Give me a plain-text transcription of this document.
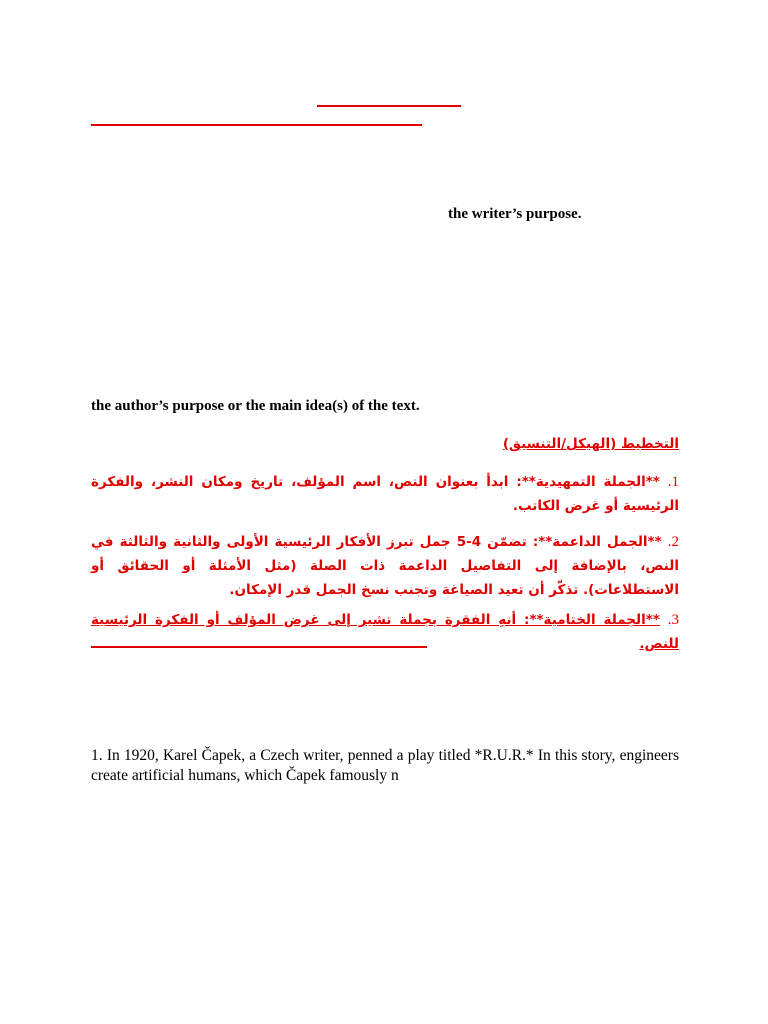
the writer’s purpose.
the author’s purpose or the main idea(s) of the text.
التخطيط (الهيكل/التنسيق)
1. **الجملة التمهيدية**: ابدأ بعنوان النص، اسم المؤلف، تاريخ ومكان النشر، والفكرة الرئيسية أو غرض الكاتب.
2. **الجمل الداعمة**: تضمّن 4-5 جمل تبرز الأفكار الرئيسية الأولى والثانية والثالثة في النص، بالإضافة إلى التفاصيل الداعمة ذات الصلة (مثل الأمثلة أو الحقائق أو الاستطلاعات). تذكّر أن تعيد الصياغة وتجنب نسخ الجمل قدر الإمكان.
3. **الجملة الختامية**: أنهِ الفقرة بجملة تشير إلى غرض المؤلف أو الفكرة الرئيسية للنص.
1. In 1920, Karel Čapek, a Czech writer, penned a play titled *R.U.R.* In this story, engineers create artificial humans, which Čapek famously n
